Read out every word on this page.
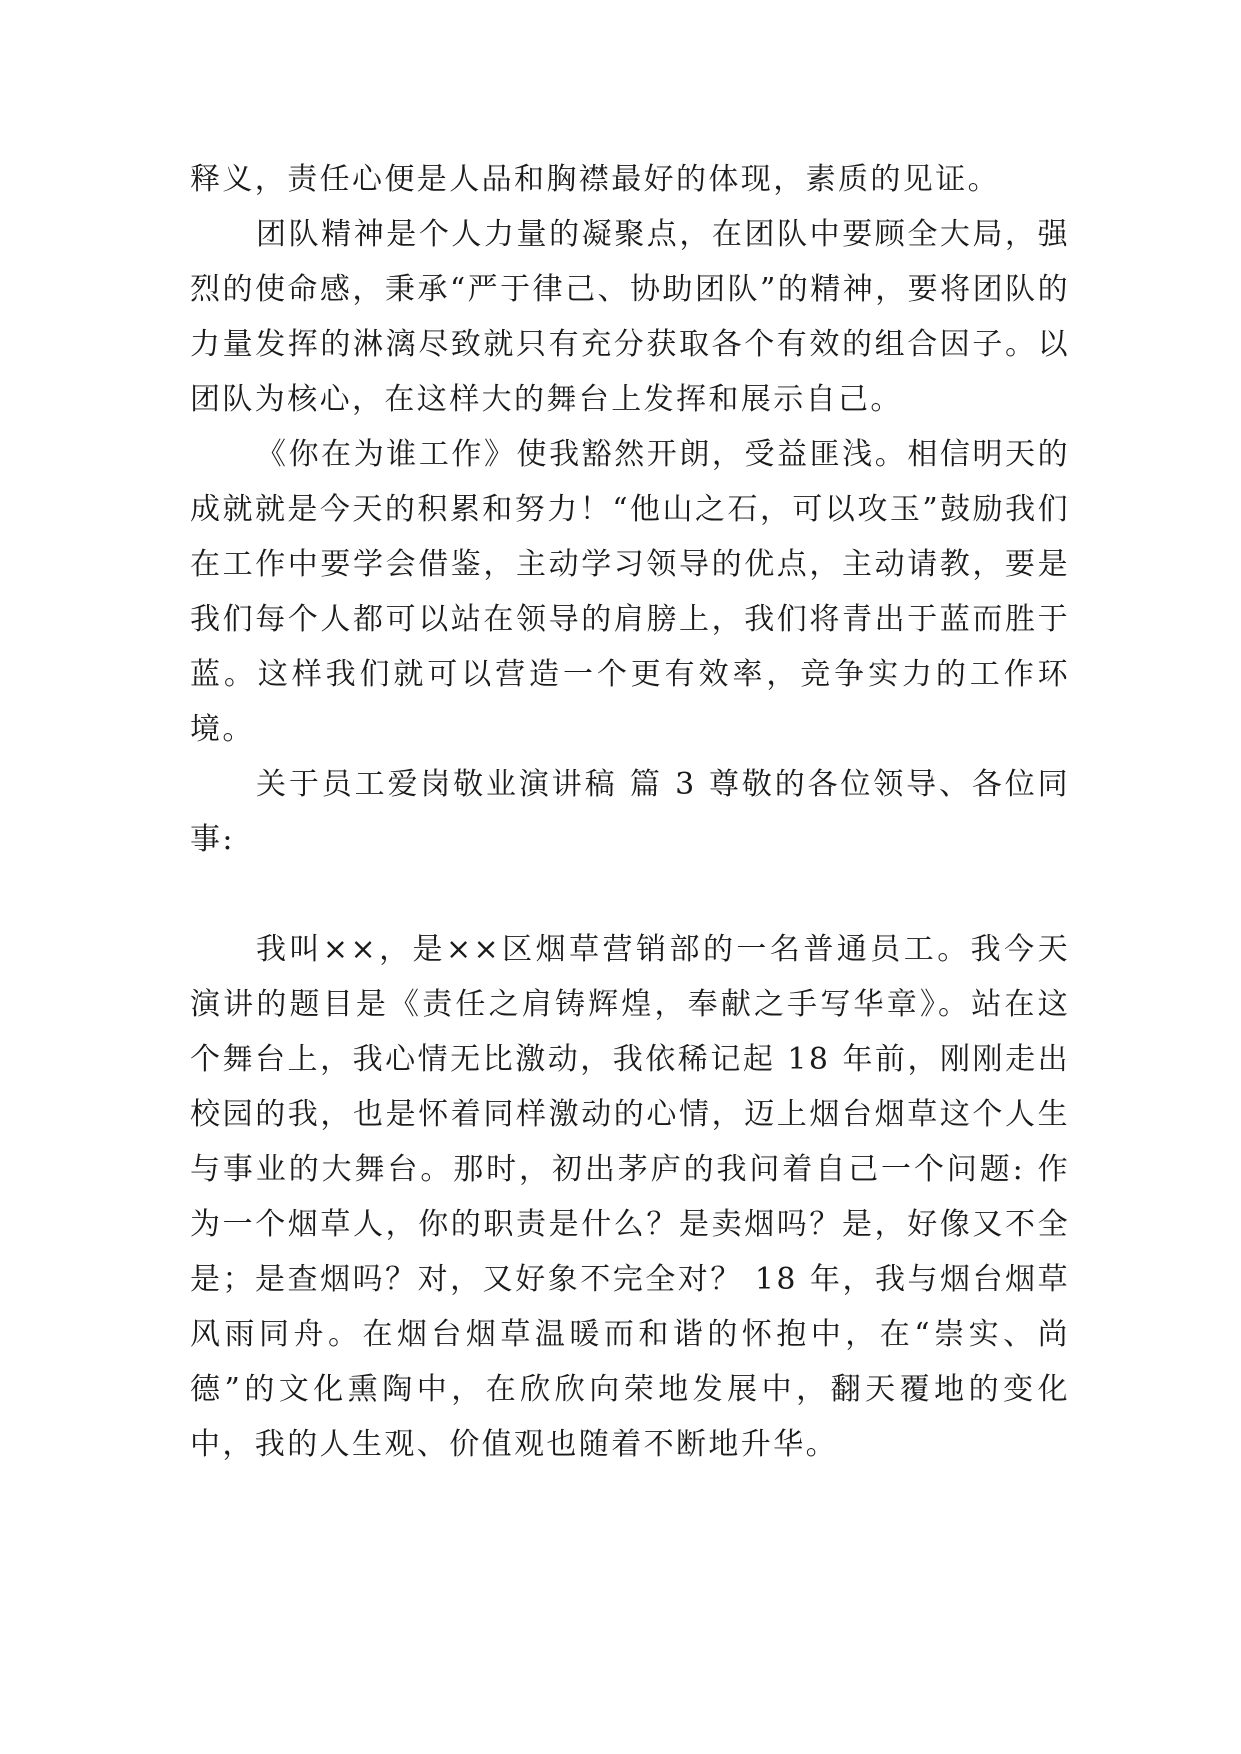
释义，责任心便是人品和胸襟最好的体现，素质的见证。

团队精神是个人力量的凝聚点，在团队中要顾全大局，强烈的使命感，秉承“严于律己、协助团队”的精神，要将团队的力量发挥的淋漓尽致就只有充分获取各个有效的组合因子。以团队为核心，在这样大的舞台上发挥和展示自己。

《你在为谁工作》使我豁然开朗，受益匪浅。相信明天的成就就是今天的积累和努力！“他山之石，可以攻玉”鼓励我们在工作中要学会借鉴，主动学习领导的优点，主动请教，要是我们每个人都可以站在领导的肩膀上，我们将青出于蓝而胜于蓝。这样我们就可以营造一个更有效率，竞争实力的工作环境。

关于员工爱岗敬业演讲稿 篇 3 尊敬的各位领导、各位同事:

我叫××，是××区烟草营销部的一名普通员工。我今天演讲的题目是《责任之肩铸辉煌，奉献之手写华章》。站在这个舞台上，我心情无比激动，我依稀记起 18 年前，刚刚走出校园的我，也是怀着同样激动的心情，迈上烟台烟草这个人生与事业的大舞台。那时，初出茅庐的我问着自己一个问题: 作为一个烟草人，你的职责是什么？是卖烟吗？是，好像又不全是；是查烟吗？对，又好象不完全对？ 18 年，我与烟台烟草风雨同舟。在烟台烟草温暖而和谐的怀抱中，在“崇实、尚德”的文化熏陶中，在欣欣向荣地发展中，翻天覆地的变化中，我的人生观、价值观也随着不断地升华。
